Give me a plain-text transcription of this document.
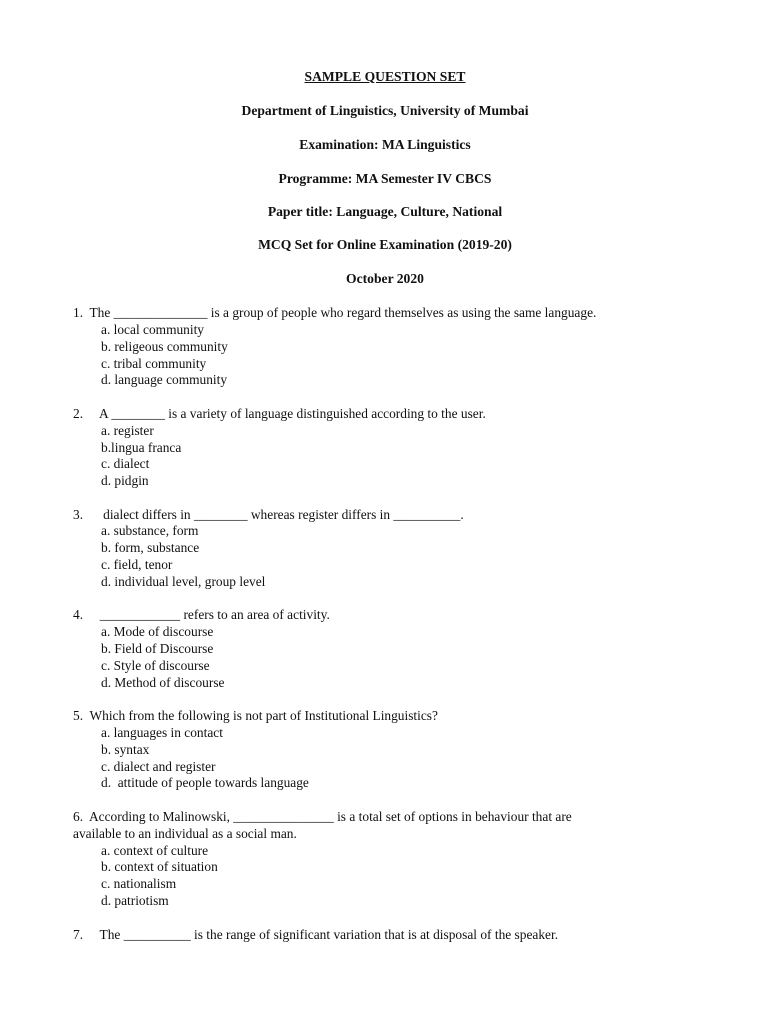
SAMPLE QUESTION SET
Department of Linguistics, University of Mumbai
Examination: MA Linguistics
Programme: MA Semester IV CBCS
Paper title: Language, Culture, National
MCQ Set for Online Examination (2019-20)
October 2020
1.  The ______________ is a group of people who regard themselves as using the same language.
a. local community
b. religeous community
c. tribal community
d. language community
2.     A ________ is a variety of language distinguished according to the user.
a. register
b.lingua franca
c. dialect
d. pidgin
3.      dialect differs in ________ whereas register differs in __________.
a. substance, form
b. form, substance
c. field, tenor
d. individual level, group level
4.     ____________ refers to an area of activity.
a. Mode of discourse
b. Field of Discourse
c. Style of discourse
d. Method of discourse
5.  Which from the following is not part of Institutional Linguistics?
a. languages in contact
b. syntax
c. dialect and register
d.  attitude of people towards language
6.  According to Malinowski, _______________ is a total set of options in behaviour that are
available to an individual as a social man.
a. context of culture
b. context of situation
c. nationalism
d. patriotism
7.     The __________ is the range of significant variation that is at disposal of the speaker.
